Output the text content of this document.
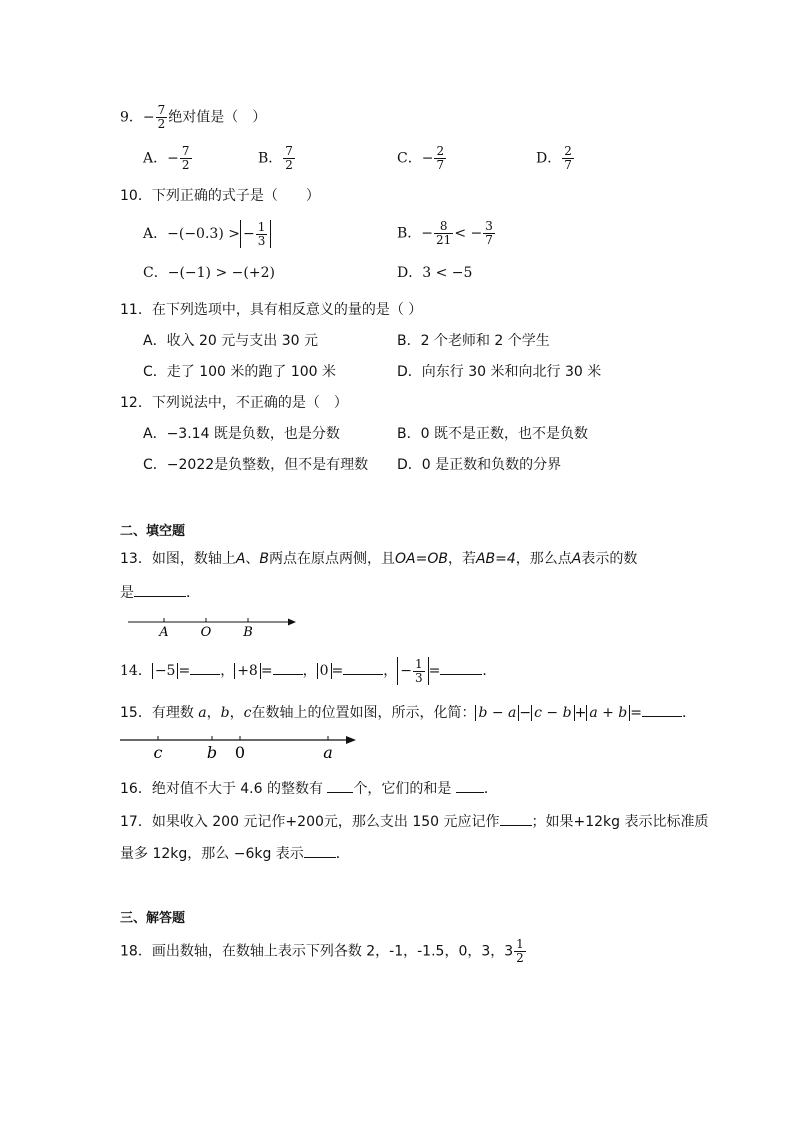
9．− $\frac{7}{2}$ 绝对值是（　）
A．− $\frac{7}{2}$	B． $\frac{7}{2}$	C．− $\frac{2}{7}$	D． $\frac{2}{7}$
10．下列正确的式子是（　　）
A．−(−0.3) > − $\frac{1}{3}$	B．− $\frac{8}{21}$ < − $\frac{3}{7}$
C．−(−1) > −(+2)	D．3 < −5
11．在下列选项中，具有相反意义的量的是（ ）
A．收入 20 元与支出 30 元	B．2 个老师和 2 个学生
C．走了 100 米的跑了 100 米	D．向东行 30 米和向北行 30 米
12．下列说法中，不正确的是（　）
A．−3.14 既是负数，也是分数	B．0 既不是正数，也不是负数
C．−2022是负整数，但不是有理数 D．0 是正数和负数的分界
二、填空题
13．如图，数轴上A、B两点在原点两侧，且OA=OB，若AB=4，那么点A表示的数
是	．
A O B
14． −5 = ， +8 = ， 0 =	， − $\frac{1}{3}$ =	．
15．有理数 a，b，c在数轴上的位置如图，所示，化简： b − a − c − b + a + b =	．
c	b 0	a
16．绝对值不大于 4.6 的整数有 个，它们的和是 ．
17．如果收入 200 元记作+200元，那么支出 150 元应记作 ；如果+12kg 表示比标准质
量多 12kg，那么 −6kg 表示 ．
三、解答题
18．画出数轴，在数轴上表示下列各数 2，-1，-1.5，0，3，$3 \frac{1}{2}$
